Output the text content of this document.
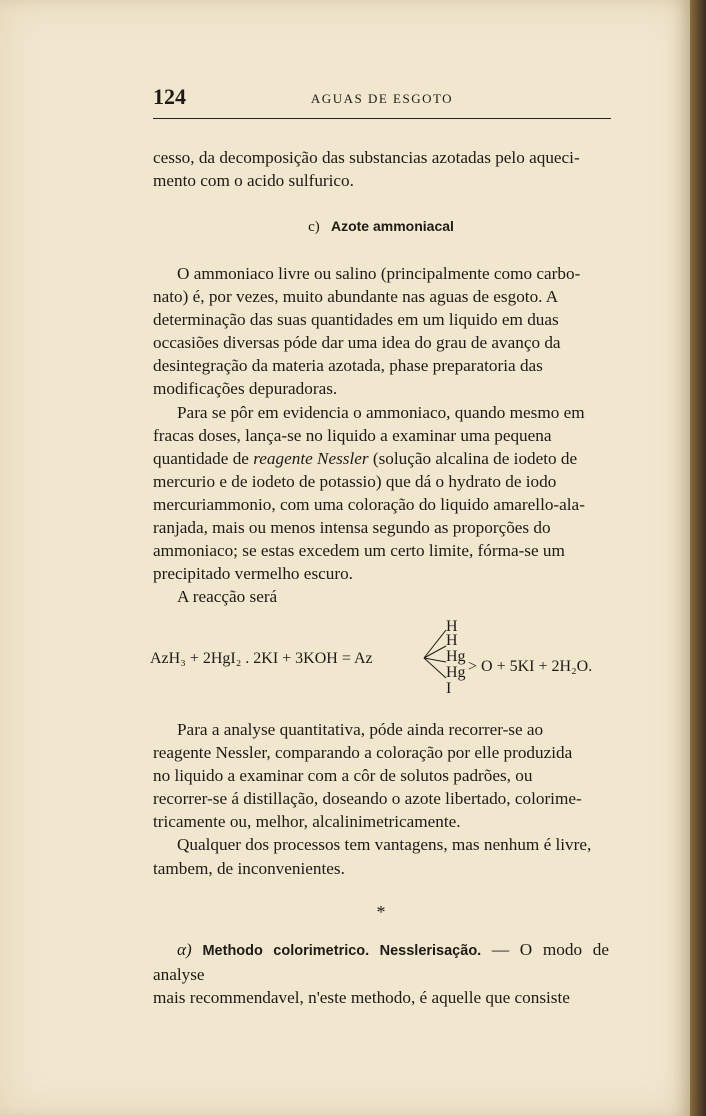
124	AGUAS DE ESGOTO

cesso, da decomposição das substancias azotadas pelo aqueci-

mento com o acido sulfurico.

c) Azote ammoniacal

O ammoniaco livre ou salino (principalmente como carbo-

nato) é, por vezes, muito abundante nas aguas de esgoto. A

determinação das suas quantidades em um liquido em duas

occasiões diversas póde dar uma idea do grau de avanço da

desintegração da materia azotada, phase preparatoria das

modificações depuradoras.

Para se pôr em evidencia o ammoniaco, quando mesmo em

fracas doses, lança-se no liquido a examinar uma pequena

quantidade de reagente Nessler (solução alcalina de iodeto de

mercurio e de iodeto de potassio) que dá o hydrato de iodo

mercuriammonio, com uma coloração do liquido amarello-ala-

ranjada, mais ou menos intensa segundo as proporções do

ammoniaco; se estas excedem um certo limite, fórma-se um

precipitado vermelho escuro.

A reacção será

AzH₃ + 2HgI₂ . 2KI + 3KOH = Az
H
H
Hg
Hg
I
> O + 5KI + 2H₂O.

Para a analyse quantitativa, póde ainda recorrer-se ao

reagente Nessler, comparando a coloração por elle produzida

no liquido a examinar com a côr de solutos padrões, ou

recorrer-se á distillação, doseando o azote libertado, colorime-

tricamente ou, melhor, alcalinimetricamente.

Qualquer dos processos tem vantagens, mas nenhum é livre,

tambem, de inconvenientes.

*

α) Methodo colorimetrico. Nesslerisação. — O modo de analyse

mais recommendavel, n'este methodo, é aquelle que consiste
